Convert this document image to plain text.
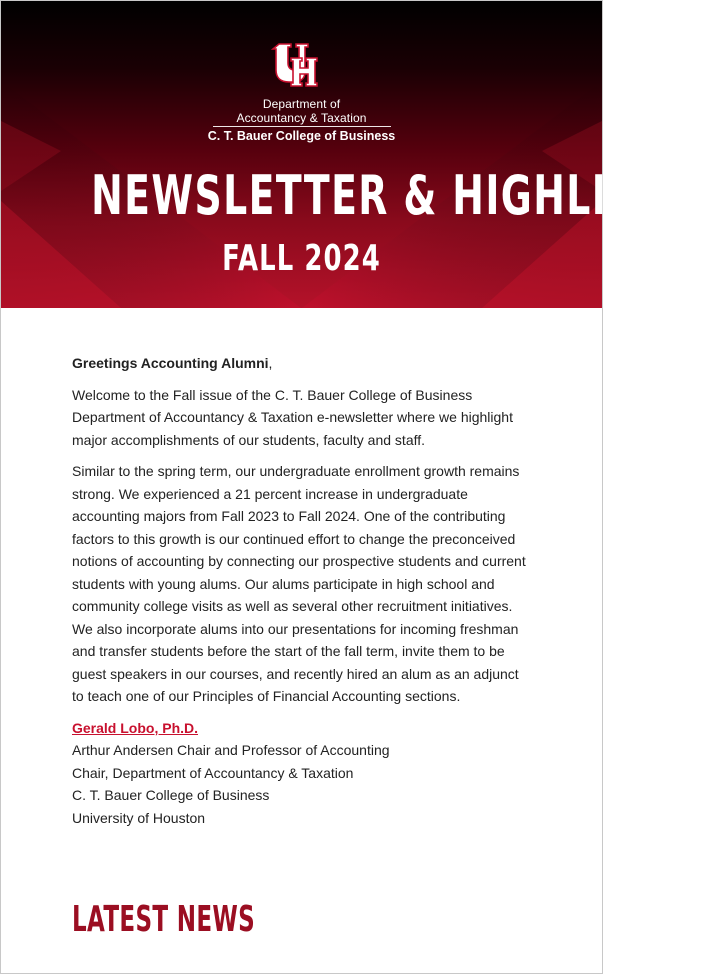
Department of
Accountancy & Taxation
C. T. Bauer College of Business
NEWSLETTER & HIGHLIGHTS
FALL 2024

Greetings Accounting Alumni,

Welcome to the Fall issue of the C. T. Bauer College of Business Department of Accountancy & Taxation e-newsletter where we highlight major accomplishments of our students, faculty and staff.

Similar to the spring term, our undergraduate enrollment growth remains strong. We experienced a 21 percent increase in undergraduate accounting majors from Fall 2023 to Fall 2024. One of the contributing factors to this growth is our continued effort to change the preconceived notions of accounting by connecting our prospective students and current students with young alums. Our alums participate in high school and community college visits as well as several other recruitment initiatives. We also incorporate alums into our presentations for incoming freshman and transfer students before the start of the fall term, invite them to be guest speakers in our courses, and recently hired an alum as an adjunct to teach one of our Principles of Financial Accounting sections.

Gerald Lobo, Ph.D.
Arthur Andersen Chair and Professor of Accounting
Chair, Department of Accountancy & Taxation
C. T. Bauer College of Business
University of Houston
LATEST NEWS
